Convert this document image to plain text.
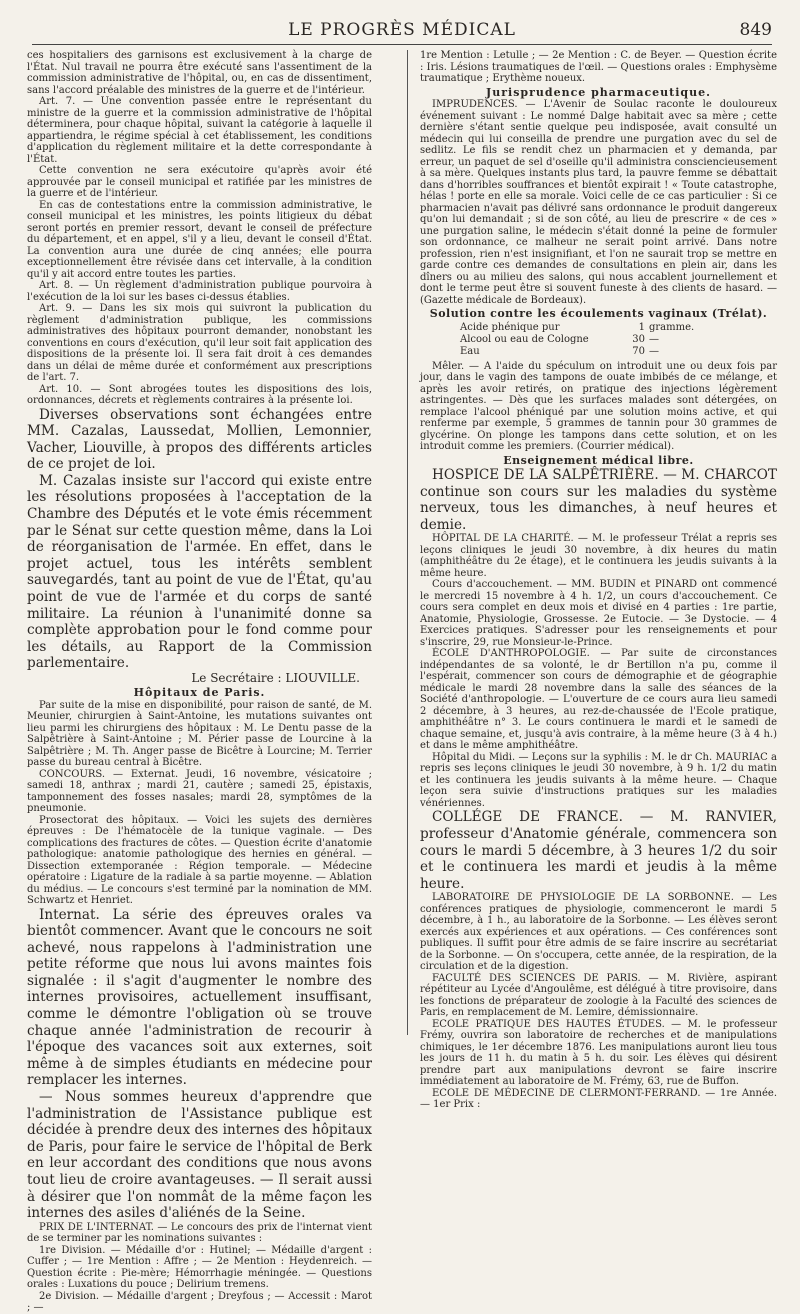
LE PROGRÈS MÉDICAL	849

ces hospitaliers des garnisons est exclusivement à la charge de l'État. Nul travail ne pourra être exécuté sans l'assentiment de la commission administrative de l'hôpital, ou, en cas de dissentiment, sans l'accord préalable des ministres de la guerre et de l'intérieur.

Art. 7. — Une convention passée entre le représentant du ministre de la guerre et la commission administrative de l'hôpital déterminera, pour chaque hôpital, suivant la catégorie à laquelle il appartiendra, le régime spécial à cet établissement, les conditions d'application du règlement militaire et la dette correspondante à l'État.

Cette convention ne sera exécutoire qu'après avoir été approuvée par le conseil municipal et ratifiée par les ministres de la guerre et de l'intérieur.

En cas de contestations entre la commission administrative, le conseil municipal et les ministres, les points litigieux du débat seront portés en premier ressort, devant le conseil de préfecture du département, et en appel, s'il y a lieu, devant le conseil d'État. La convention aura une durée de cinq années; elle pourra exceptionnellement être révisée dans cet intervalle, à la condition qu'il y ait accord entre toutes les parties.

Art. 8. — Un règlement d'administration publique pourvoira à l'exécution de la loi sur les bases ci-dessus établies.

Art. 9. — Dans les six mois qui suivront la publication du règlement d'administration publique, les commissions administratives des hôpitaux pourront demander, nonobstant les conventions en cours d'exécution, qu'il leur soit fait application des dispositions de la présente loi. Il sera fait droit à ces demandes dans un délai de même durée et conformément aux prescriptions de l'art. 7.

Art. 10. — Sont abrogées toutes les dispositions des lois, ordonnances, décrets et règlements contraires à la présente loi.

Diverses observations sont échangées entre MM. Cazalas, Laussedat, Mollien, Lemonnier, Vacher, Liouville, à propos des différents articles de ce projet de loi.

M. Cazalas insiste sur l'accord qui existe entre les résolutions proposées à l'acceptation de la Chambre des Députés et le vote émis récemment par le Sénat sur cette question même, dans la Loi de réorganisation de l'armée. En effet, dans le projet actuel, tous les intérêts semblent sauvegardés, tant au point de vue de l'État, qu'au point de vue de l'armée et du corps de santé militaire. La réunion à l'unanimité donne sa complète approbation pour le fond comme pour les détails, au Rapport de la Commission parlementaire.

Le Secrétaire : LIOUVILLE.
Hôpitaux de Paris.

Par suite de la mise en disponibilité, pour raison de santé, de M. Meunier, chirurgien à Saint-Antoine, les mutations suivantes ont lieu parmi les chirurgiens des hôpitaux : M. Le Dentu passe de la Salpêtrière à Saint-Antoine ; M. Périer passe de Lourcine à la Salpêtrière ; M. Th. Anger passe de Bicêtre à Lourcine; M. Terrier passe du bureau central à Bicêtre.

CONCOURS. — Externat. Jeudi, 16 novembre, vésicatoire ; samedi 18, anthrax ; mardi 21, cautère ; samedi 25, épistaxis, tamponnement des fosses nasales; mardi 28, symptômes de la pneumonie.

Prosectorat des hôpitaux. — Voici les sujets des dernières épreuves : De l'hématocèle de la tunique vaginale. — Des complications des fractures de côtes. — Question écrite d'anatomie pathologique: anatomie pathologique des hernies en général. — Dissection extemporanée : Région temporale. — Médecine opératoire : Ligature de la radiale à sa partie moyenne. — Ablation du médius. — Le concours s'est terminé par la nomination de MM. Schwartz et Henriet.

Internat. La série des épreuves orales va bientôt commencer. Avant que le concours ne soit achevé, nous rappelons à l'administration une petite réforme que nous lui avons maintes fois signalée : il s'agit d'augmenter le nombre des internes provisoires, actuellement insuffisant, comme le démontre l'obligation où se trouve chaque année l'administration de recourir à l'époque des vacances soit aux externes, soit même à de simples étudiants en médecine pour remplacer les internes.

— Nous sommes heureux d'apprendre que l'administration de l'Assistance publique est décidée à prendre deux des internes des hôpitaux de Paris, pour faire le service de l'hôpital de Berk en leur accordant des conditions que nous avons tout lieu de croire avantageuses. — Il serait aussi à désirer que l'on nommât de la même façon les internes des asiles d'aliénés de la Seine.

PRIX DE L'INTERNAT. — Le concours des prix de l'internat vient de se terminer par les nominations suivantes :

1re Division. — Médaille d'or : Hutinel; — Médaille d'argent : Cuffer ; — 1re Mention : Affre ; — 2e Mention : Heydenreich. — Question écrite : Pie-mère; Hémorrhagie méningée. — Questions orales : Luxations du pouce ; Delirium tremens.

2e Division. — Médaille d'argent ; Dreyfous ; — Accessit : Marot ; —

1re Mention : Letulle ; — 2e Mention : C. de Beyer. — Question écrite : Iris. Lésions traumatiques de l'œil. — Questions orales : Emphysème traumatique ; Erythème noueux.

Jurisprudence pharmaceutique.

IMPRUDENCES. — L'Avenir de Soulac raconte le douloureux événement suivant : Le nommé Dalge habitait avec sa mère ; cette dernière s'étant sentie quelque peu indisposée, avait consulté un médecin qui lui conseilla de prendre une purgation avec du sel de sedlitz. Le fils se rendit chez un pharmacien et y demanda, par erreur, un paquet de sel d'oseille qu'il administra consciencieusement à sa mère. Quelques instants plus tard, la pauvre femme se débattait dans d'horribles souffrances et bientôt expirait ! « Toute catastrophe, hélas ! porte en elle sa morale. Voici celle de ce cas particulier : Si ce pharmacien n'avait pas délivré sans ordonnance le produit dangereux qu'on lui demandait ; si de son côté, au lieu de prescrire « de ces » une purgation saline, le médecin s'était donné la peine de formuler son ordonnance, ce malheur ne serait point arrivé. Dans notre profession, rien n'est insignifiant, et l'on ne saurait trop se mettre en garde contre ces demandes de consultations en plein air, dans les dîners ou au milieu des salons, qui nous accablent journellement et dont le terme peut être si souvent funeste à des clients de hasard. — (Gazette médicale de Bordeaux).

Solution contre les écoulements vaginaux (Trélat).
Acide phénique pur	1 gramme.
Alcool ou eau de Cologne	30 —
Eau	70 —

Mêler. — A l'aide du spéculum on introduit une ou deux fois par jour, dans le vagin des tampons de ouate imbibés de ce mélange, et après les avoir retirés, on pratique des injections légèrement astringentes. — Dès que les surfaces malades sont détergées, on remplace l'alcool phéniqué par une solution moins active, et qui renferme par exemple, 5 grammes de tannin pour 30 grammes de glycérine. On plonge les tampons dans cette solution, et on les introduit comme les premiers. (Courrier médical).

Enseignement médical libre.

HOSPICE DE LA SALPÊTRIÈRE. — M. CHARCOT continue son cours sur les maladies du système nerveux, tous les dimanches, à neuf heures et demie.

HÔPITAL DE LA CHARITÉ. — M. le professeur Trélat a repris ses leçons cliniques le jeudi 30 novembre, à dix heures du matin (amphithéâtre du 2e étage), et le continuera les jeudis suivants à la même heure.

Cours d'accouchement. — MM. BUDIN et PINARD ont commencé le mercredi 15 novembre à 4 h. 1/2, un cours d'accouchement. Ce cours sera complet en deux mois et divisé en 4 parties : 1re partie, Anatomie, Physiologie, Grossesse. 2e Eutocie. — 3e Dystocie. — 4 Exercices pratiques. S'adresser pour les renseignements et pour s'inscrire, 29, rue Monsieur-le-Prince.

ÉCOLE D'ANTHROPOLOGIE. — Par suite de circonstances indépendantes de sa volonté, le dr Bertillon n'a pu, comme il l'espérait, commencer son cours de démographie et de géographie médicale le mardi 28 novembre dans la salle des séances de la Société d'anthropologie. — L'ouverture de ce cours aura lieu samedi 2 décembre, à 3 heures, au rez-de-chaussée de l'Ecole pratique, amphithéâtre n° 3. Le cours continuera le mardi et le samedi de chaque semaine, et, jusqu'à avis contraire, à la même heure (3 à 4 h.) et dans le même amphithéâtre.

Hôpital du Midi. — Leçons sur la syphilis : M. le dr Ch. MAURIAC a repris ses leçons cliniques le jeudi 30 novembre, à 9 h. 1/2 du matin et les continuera les jeudis suivants à la même heure. — Chaque leçon sera suivie d'instructions pratiques sur les maladies vénériennes.

COLLÉGE DE FRANCE. — M. RANVIER, professeur d'Anatomie générale, commencera son cours le mardi 5 décembre, à 3 heures 1/2 du soir et le continuera les mardi et jeudis à la même heure.

LABORATOIRE DE PHYSIOLOGIE DE LA SORBONNE. — Les conférences pratiques de physiologie, commenceront le mardi 5 décembre, à 1 h., au laboratoire de la Sorbonne. — Les élèves seront exercés aux expériences et aux opérations. — Ces conférences sont publiques. Il suffit pour être admis de se faire inscrire au secrétariat de la Sorbonne. — On s'occupera, cette année, de la respiration, de la circulation et de la digestion.

FACULTÉ DES SCIENCES DE PARIS. — M. Rivière, aspirant répétiteur au Lycée d'Angoulême, est délégué à titre provisoire, dans les fonctions de préparateur de zoologie à la Faculté des sciences de Paris, en remplacement de M. Lemire, démissionnaire.

ECOLE PRATIQUE DES HAUTES ÉTUDES. — M. le professeur Frémy, ouvrira son laboratoire de recherches et de manipulations chimiques, le 1er décembre 1876. Les manipulations auront lieu tous les jours de 11 h. du matin à 5 h. du soir. Les élèves qui désirent prendre part aux manipulations devront se faire inscrire immédiatement au laboratoire de M. Frémy, 63, rue de Buffon.

ECOLE DE MÉDECINE DE CLERMONT-FERRAND. — 1re Année. — 1er Prix :
